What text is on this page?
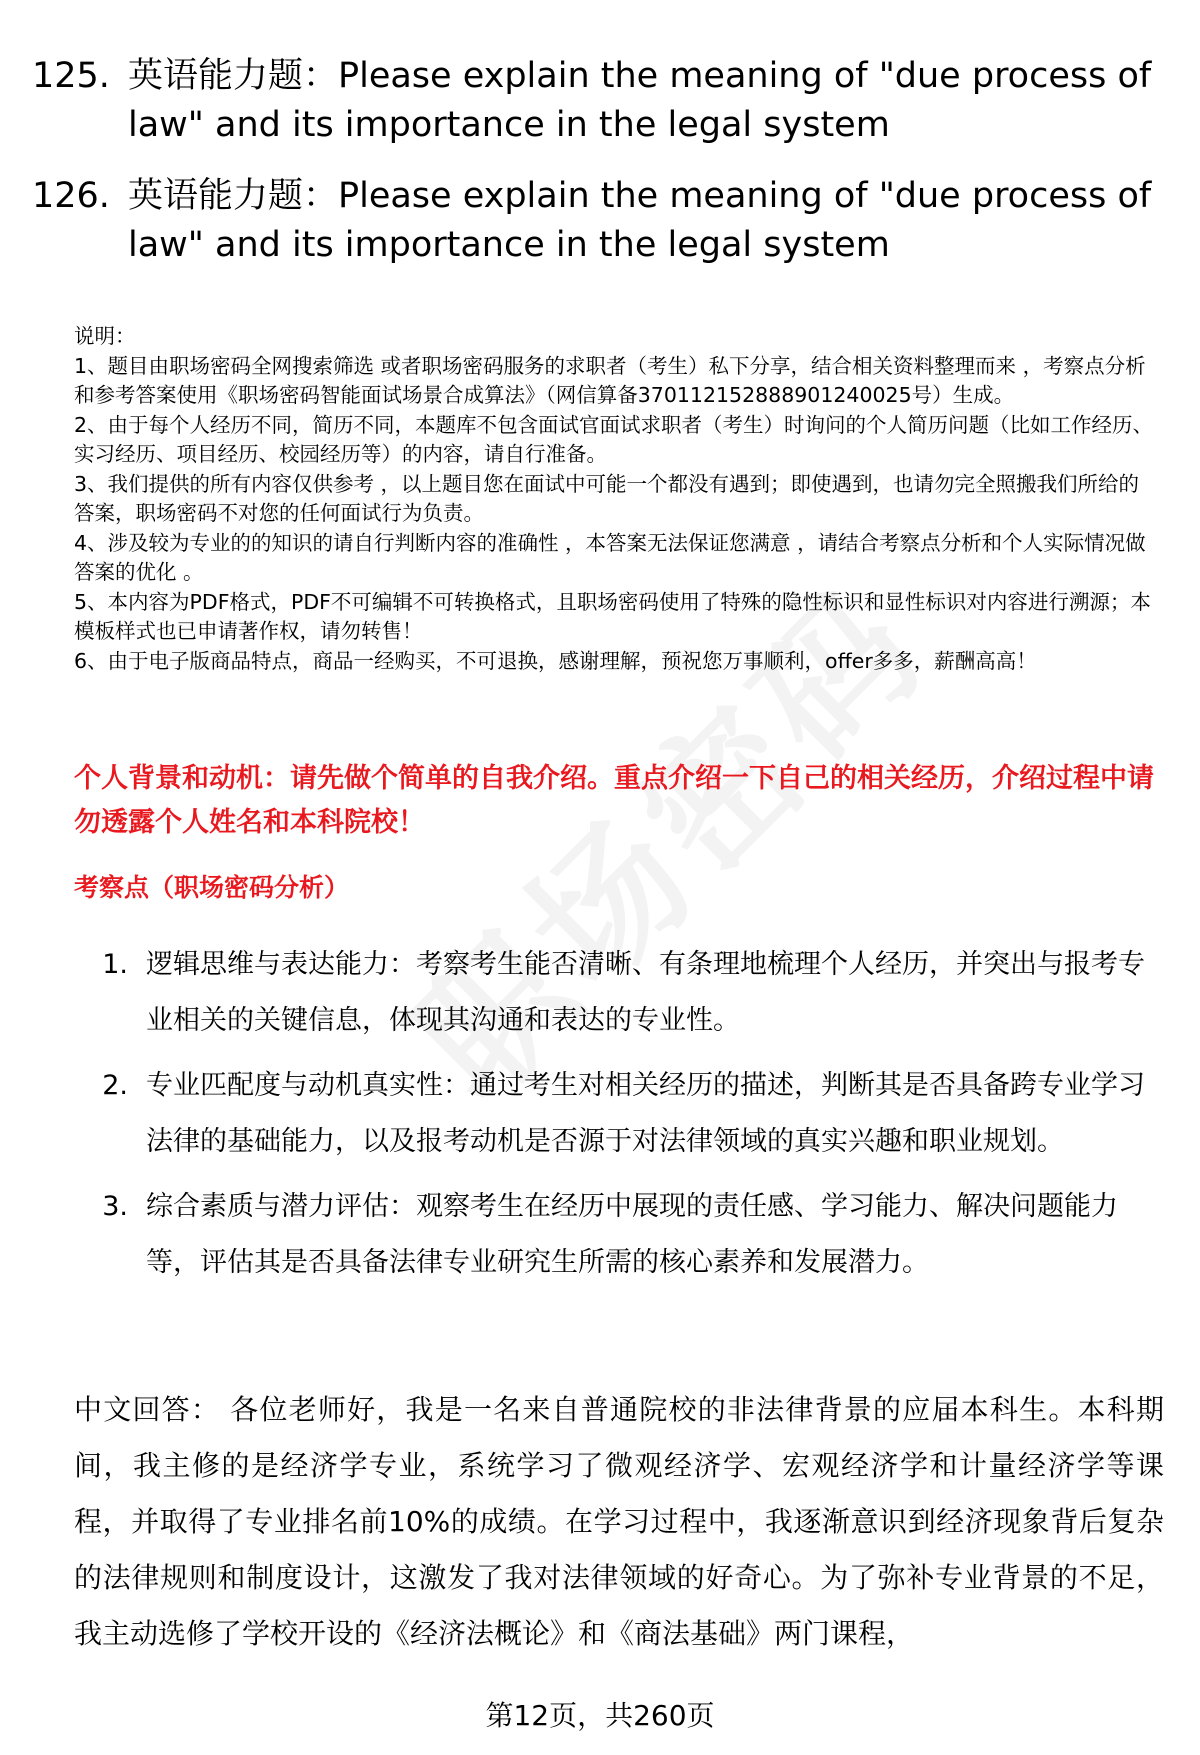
125. 英语能力题：Please explain the meaning of "due process of law" and its importance in the legal system
126. 英语能力题：Please explain the meaning of "due process of law" and its importance in the legal system
说明：
1、题目由职场密码全网搜索筛选 或者职场密码服务的求职者（考生）私下分享，结合相关资料整理而来 ，考察点分析和参考答案使用《职场密码智能面试场景合成算法》（网信算备370112152888901240025号）生成。
2、由于每个人经历不同，简历不同，本题库不包含面试官面试求职者（考生）时询问的个人简历问题（比如工作经历、实习经历、项目经历、校园经历等）的内容，请自行准备。
3、我们提供的所有内容仅供参考 ，以上题目您在面试中可能一个都没有遇到；即使遇到，也请勿完全照搬我们所给的答案，职场密码不对您的任何面试行为负责。
4、涉及较为专业的的知识的请自行判断内容的准确性 ，本答案无法保证您满意 ，请结合考察点分析和个人实际情况做答案的优化 。
5、本内容为PDF格式，PDF不可编辑不可转换格式，且职场密码使用了特殊的隐性标识和显性标识对内容进行溯源；本模板样式也已申请著作权，请勿转售！
6、由于电子版商品特点，商品一经购买，不可退换，感谢理解，预祝您万事顺利，offer多多，薪酬高高！
个人背景和动机：请先做个简单的自我介绍。重点介绍一下自己的相关经历，介绍过程中请勿透露个人姓名和本科院校！
考察点（职场密码分析）
1. 逻辑思维与表达能力：考察考生能否清晰、有条理地梳理个人经历，并突出与报考专业相关的关键信息，体现其沟通和表达的专业性。
2. 专业匹配度与动机真实性：通过考生对相关经历的描述，判断其是否具备跨专业学习法律的基础能力，以及报考动机是否源于对法律领域的真实兴趣和职业规划。
3. 综合素质与潜力评估：观察考生在经历中展现的责任感、学习能力、解决问题能力等，评估其是否具备法律专业研究生所需的核心素养和发展潜力。
中文回答： 各位老师好，我是一名来自普通院校的非法律背景的应届本科生。本科期间，我主修的是经济学专业，系统学习了微观经济学、宏观经济学和计量经济学等课程，并取得了专业排名前10%的成绩。在学习过程中，我逐渐意识到经济现象背后复杂的法律规则和制度设计，这激发了我对法律领域的好奇心。为了弥补专业背景的不足，我主动选修了学校开设的《经济法概论》和《商法基础》两门课程，
第12页，共260页
